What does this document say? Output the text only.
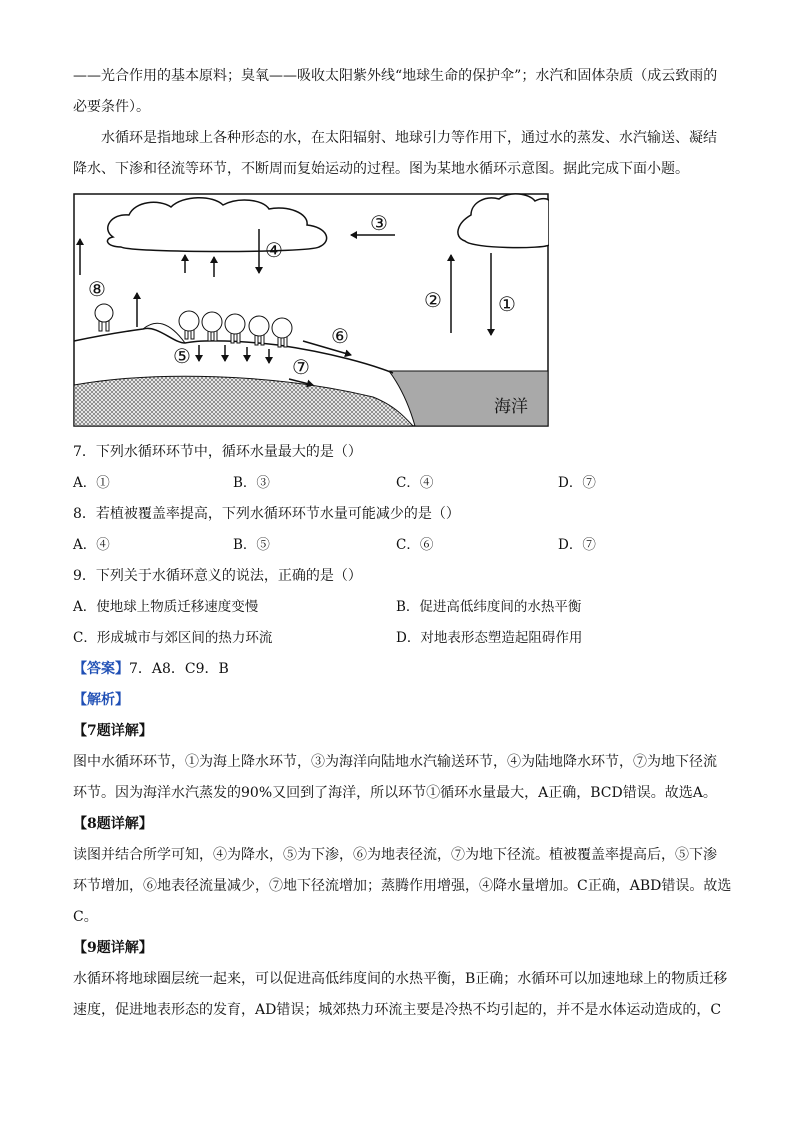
——光合作用的基本原料；臭氧——吸收太阳紫外线“地球生命的保护伞”；水汽和固体杂质（成云致雨的
必要条件）。
水循环是指地球上各种形态的水，在太阳辐射、地球引力等作用下，通过水的蒸发、水汽输送、凝结
降水、下渗和径流等环节，不断周而复始运动的过程。图为某地水循环示意图。据此完成下面小题。
海洋
⑧
④
③
②	①
⑥
⑦
⑤
7．下列水循环环节中，循环水量最大的是（）
A．①	B．③	C．④	D．⑦
8．若植被覆盖率提高，下列水循环环节水量可能减少的是（）
A．④	B．⑤	C．⑥	D．⑦
9．下列关于水循环意义的说法，正确的是（）
A．使地球上物质迁移速度变慢	B．促进高低纬度间的水热平衡
C．形成城市与郊区间的热力环流	D．对地表形态塑造起阻碍作用
【答案】7．A8．C9．B
【解析】
【7题详解】
图中水循环环节，①为海上降水环节，③为海洋向陆地水汽输送环节，④为陆地降水环节，⑦为地下径流
环节。因为海洋水汽蒸发的90%又回到了海洋，所以环节①循环水量最大，A正确，BCD错误。故选A。
【8题详解】
读图并结合所学可知，④为降水，⑤为下渗，⑥为地表径流，⑦为地下径流。植被覆盖率提高后，⑤下渗
环节增加，⑥地表径流量减少，⑦地下径流增加；蒸腾作用增强，④降水量增加。C正确，ABD错误。故选
C。
【9题详解】
水循环将地球圈层统一起来，可以促进高低纬度间的水热平衡，B正确；水循环可以加速地球上的物质迁移
速度，促进地表形态的发育，AD错误；城郊热力环流主要是冷热不均引起的，并不是水体运动造成的，C
